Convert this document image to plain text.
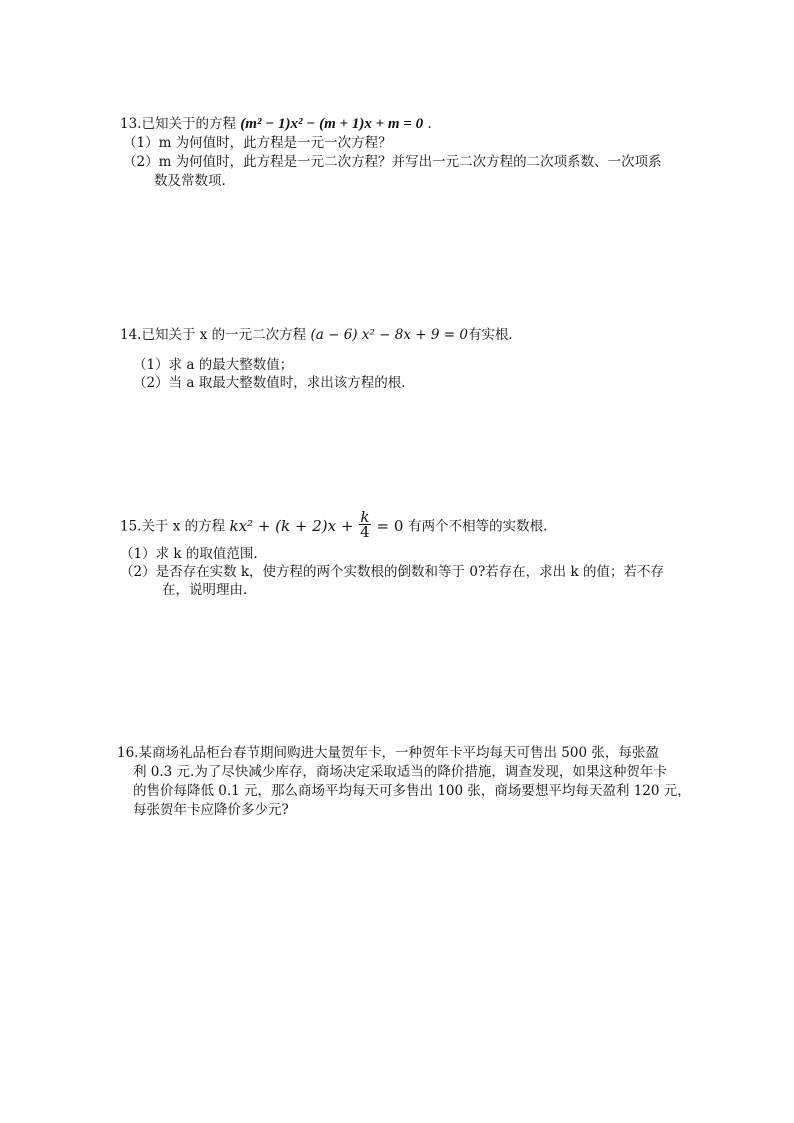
13.已知关于的方程 (m² − 1)x² − (m + 1)x + m = 0 .
（1）m 为何值时，此方程是一元一次方程？
（2）m 为何值时，此方程是一元二次方程？并写出一元二次方程的二次项系数、一次项系
数及常数项.
14.已知关于 x 的一元二次方程 (a − 6) x² − 8x + 9 = 0有实根.
（1）求 a 的最大整数值；
（2）当 a 取最大整数值时，求出该方程的根.
15.关于 x 的方程 $kx^2 + (k + 2)x + \frac{k}{4} = 0$ 有两个不相等的实数根.
（1）求 k 的取值范围.
（2）是否存在实数 k，使方程的两个实数根的倒数和等于 0?若存在，求出 k 的值；若不存
在，说明理由.
16.某商场礼品柜台春节期间购进大量贺年卡，一种贺年卡平均每天可售出 500 张，每张盈
利 0.3 元.为了尽快减少库存，商场决定采取适当的降价措施，调查发现，如果这种贺年卡
的售价每降低 0.1 元，那么商场平均每天可多售出 100 张，商场要想平均每天盈利 120 元，
每张贺年卡应降价多少元?
